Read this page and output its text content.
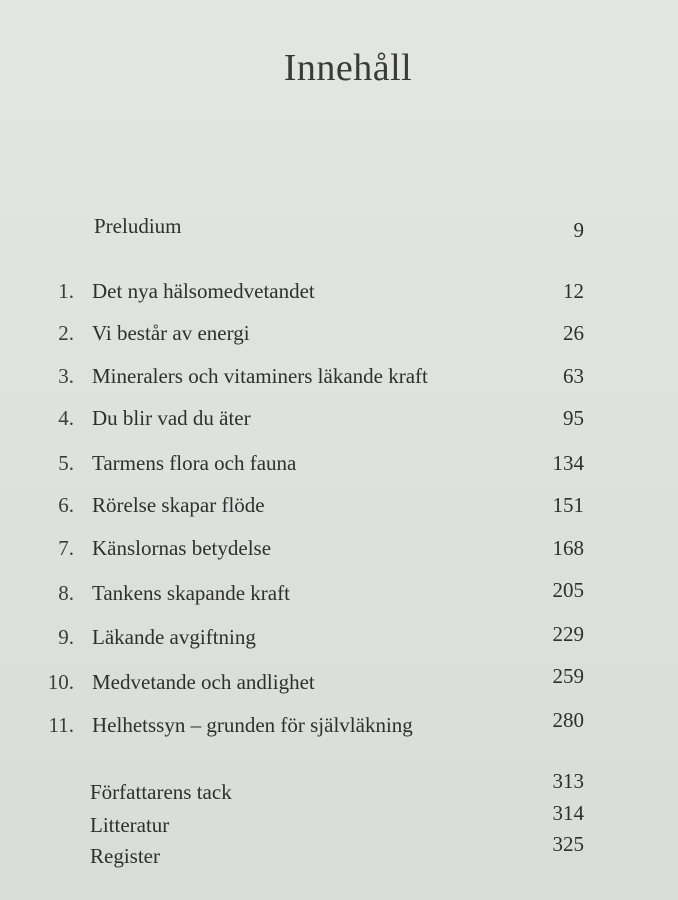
Innehåll
Preludium	9
1. Det nya hälsomedvetandet	12
2. Vi består av energi	26
3. Mineralers och vitaminers läkande kraft	63
4. Du blir vad du äter	95
5. Tarmens flora och fauna	134
6. Rörelse skapar flöde	151
7. Känslornas betydelse	168
8. Tankens skapande kraft	205
9. Läkande avgiftning	229
10. Medvetande och andlighet	259
11. Helhetssyn – grunden för självläkning	280
Författarens tack	313
Litteratur	314
Register	325
